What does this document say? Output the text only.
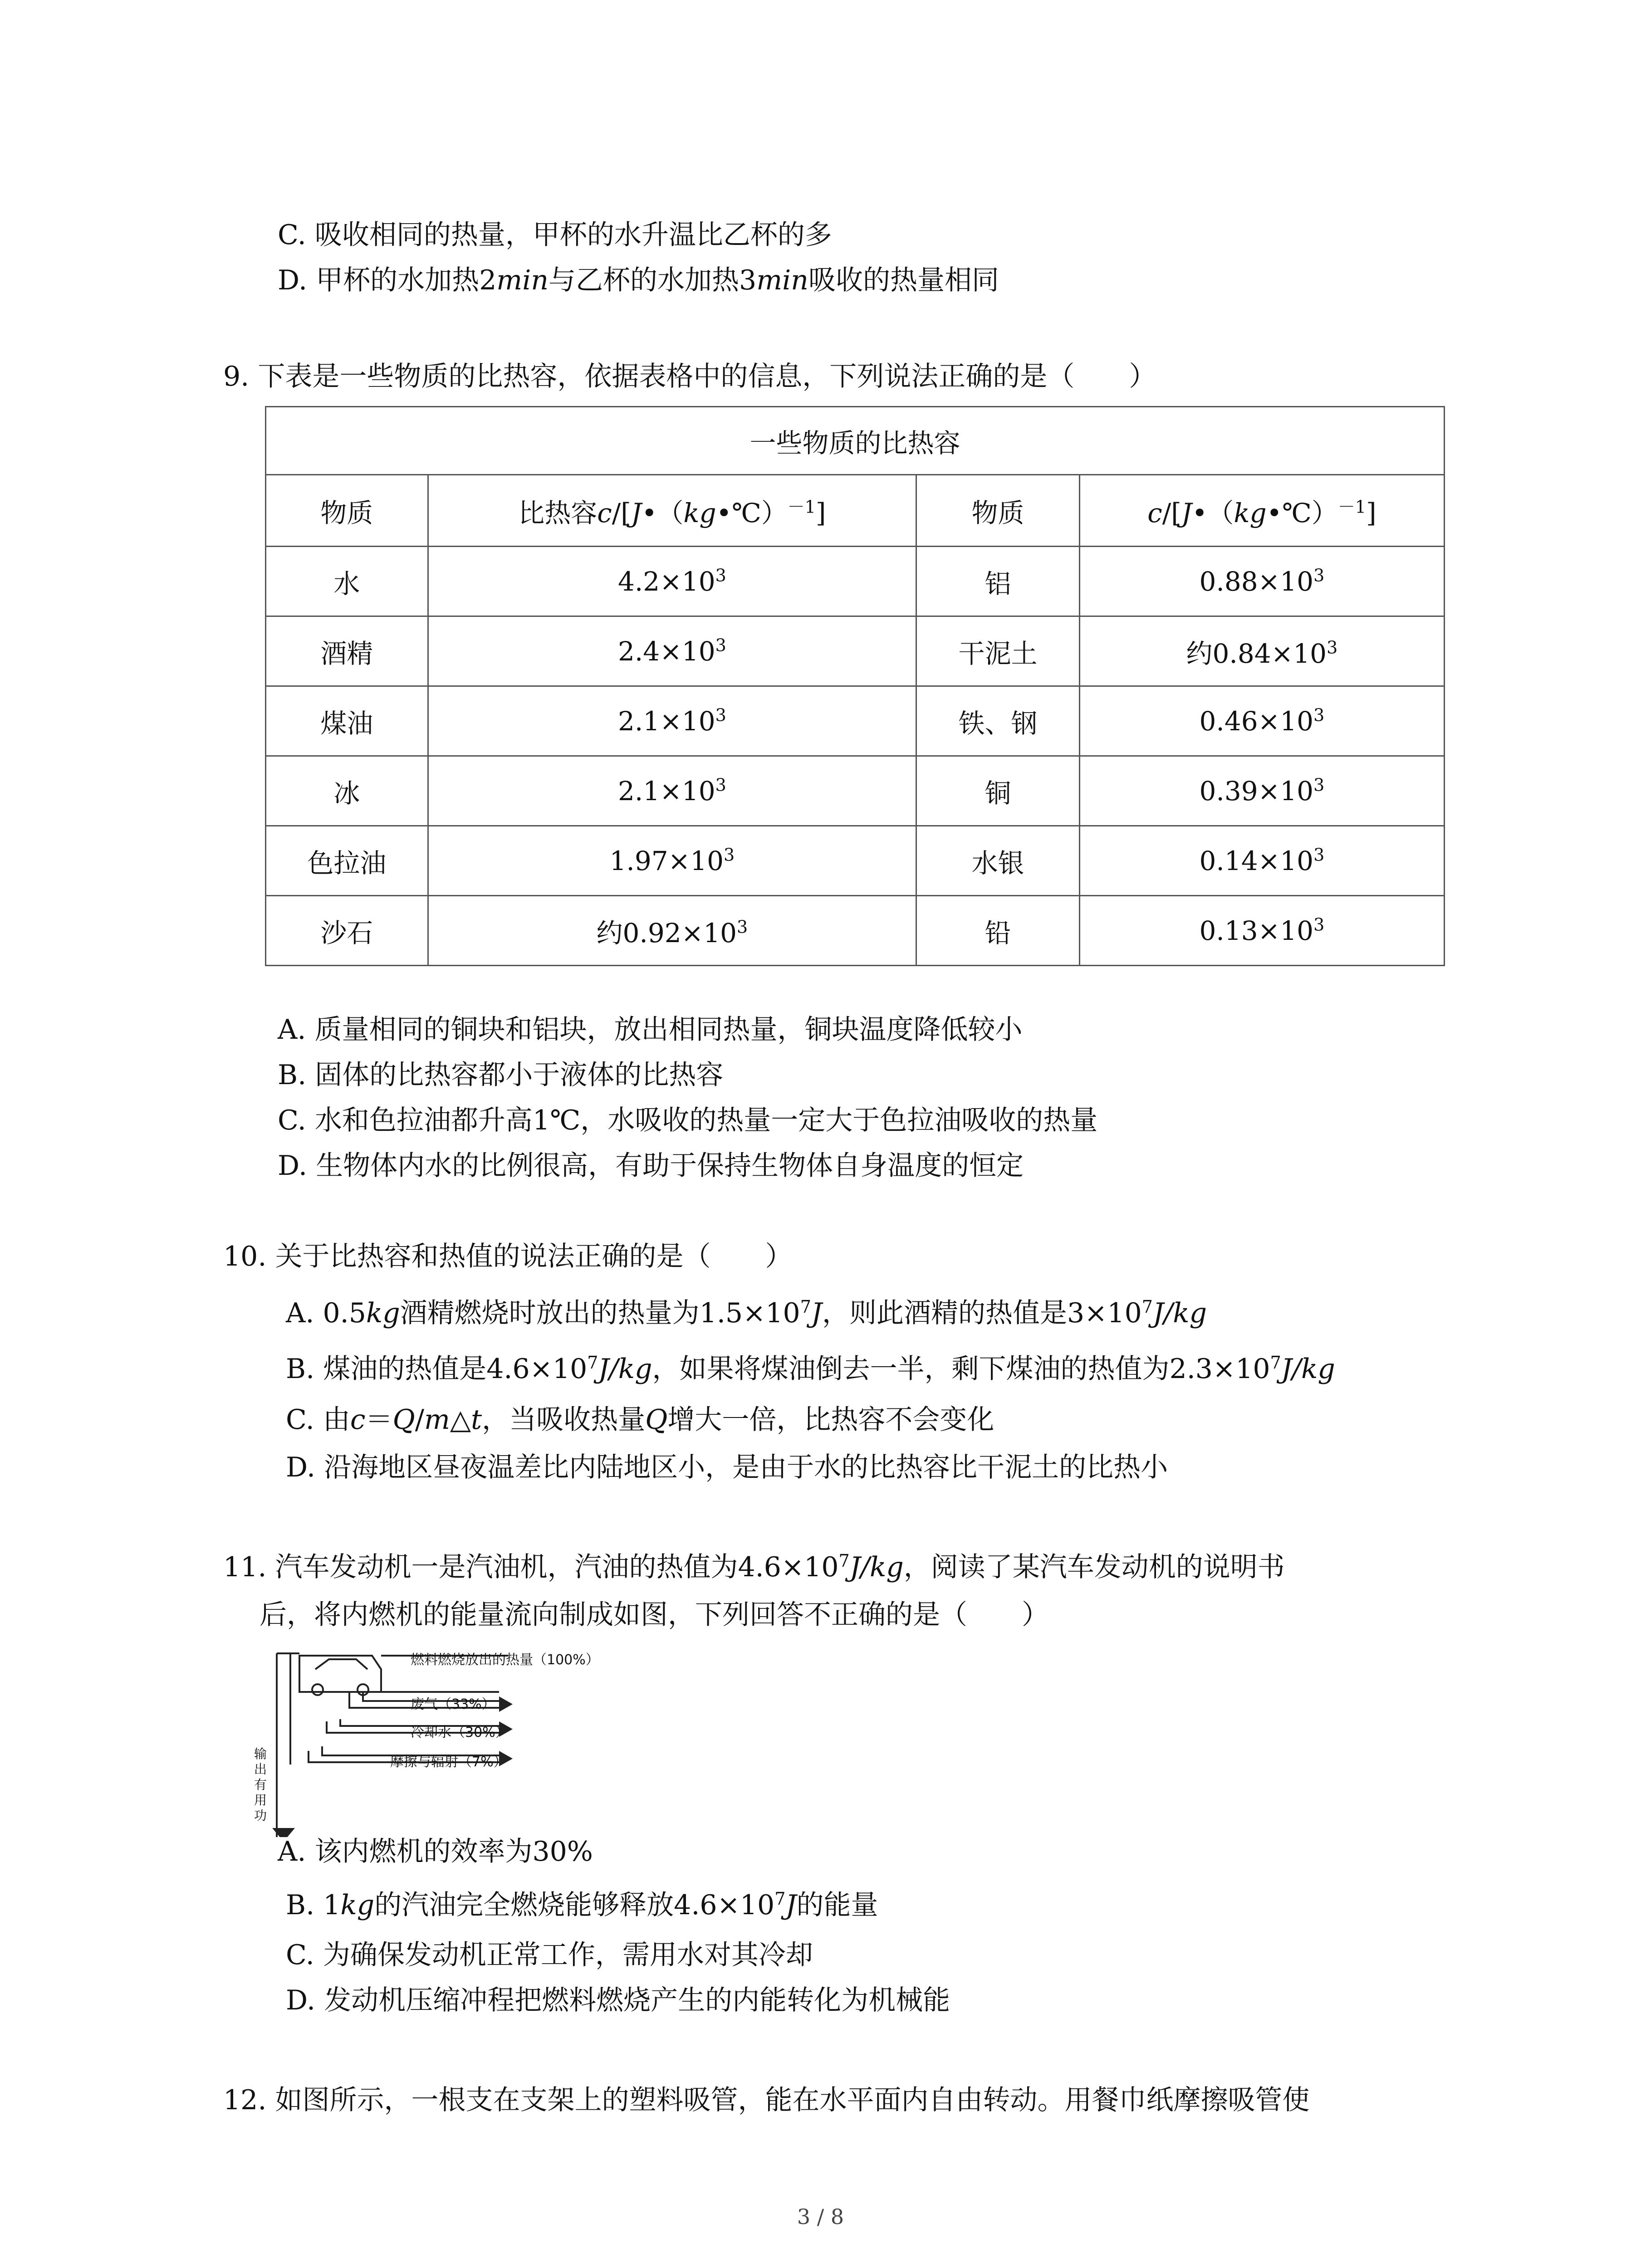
C. 吸收相同的热量，甲杯的水升温比乙杯的多
D. 甲杯的水加热2min与乙杯的水加热3min吸收的热量相同
9. 下表是一些物质的比热容，依据表格中的信息，下列说法正确的是（　　）
一些物质的比热容			
物质	比热容c/[J•（kg•℃）$^{-1}$]	物质	c/[J•（kg•℃）$^{-1}$]
水	$4.2\times 10^3$	铝	$0.88\times 10^3$
酒精	$2.4\times 10^3$	干泥土	约$0.84\times 10^3$
煤油	$2.1\times 10^3$	铁、钢	$0.46\times 10^3$
冰	$2.1\times 10^3$	铜	$0.39\times 10^3$
色拉油	$1.97\times 10^3$	水银	$0.14\times 10^3$
沙石	约$0.92\times 10^3$	铅	$0.13\times 10^3$
A. 质量相同的铜块和铝块，放出相同热量，铜块温度降低较小
B. 固体的比热容都小于液体的比热容
C. 水和色拉油都升高1℃，水吸收的热量一定大于色拉油吸收的热量
D. 生物体内水的比例很高，有助于保持生物体自身温度的恒定
10. 关于比热容和热值的说法正确的是（　　）
A. 0.5kg酒精燃烧时放出的热量为$1.5\times 10^7J$，则此酒精的热值是$3\times 10^7J/kg$
B. 煤油的热值是$4.6\times 10^7J/kg$，如果将煤油倒去一半，剩下煤油的热值为$2.3\times 10^7J/kg$
C. 由c＝Q/m△t，当吸收热量Q增大一倍，比热容不会变化
D. 沿海地区昼夜温差比内陆地区小，是由于水的比热容比干泥土的比热小
11. 汽车发动机一是汽油机，汽油的热值为$4.6\times 10^7J/kg$，阅读了某汽车发动机的说明书
后，将内燃机的能量流向制成如图，下列回答不正确的是（　　）
燃料燃烧放出的热量（100%）
废气（33%）
冷却水（30%）
摩擦与辐射（7%）
输
出
有
用
功
A. 该内燃机的效率为30%
B. 1kg的汽油完全燃烧能够释放$4.6\times 10^7J$的能量
C. 为确保发动机正常工作，需用水对其冷却
D. 发动机压缩冲程把燃料燃烧产生的内能转化为机械能
12. 如图所示，一根支在支架上的塑料吸管，能在水平面内自由转动。用餐巾纸摩擦吸管使
3 / 8
